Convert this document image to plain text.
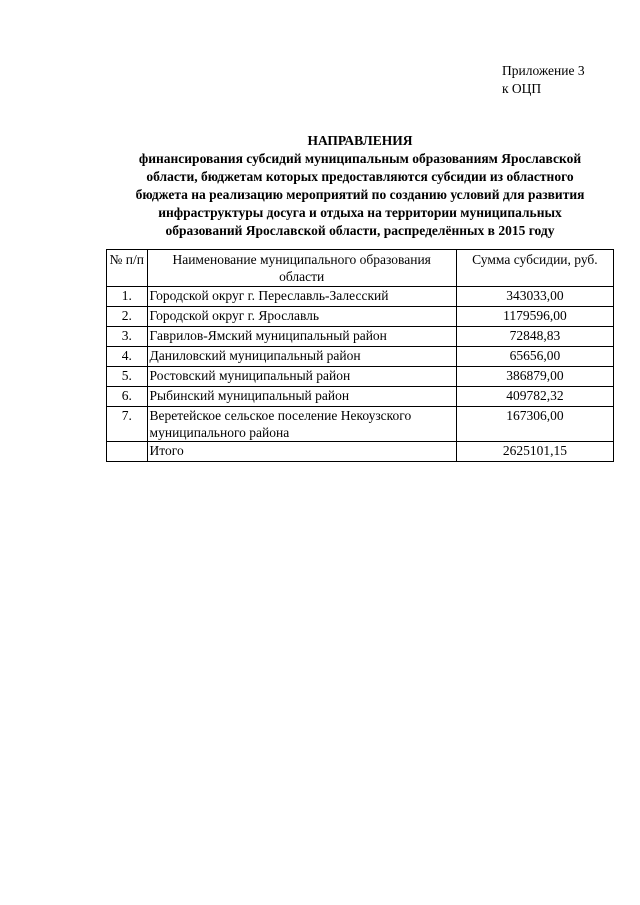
Приложение 3
к ОЦП
НАПРАВЛЕНИЯ
финансирования субсидий муниципальным образованиям Ярославской
области, бюджетам которых предоставляются субсидии из областного
бюджета на реализацию мероприятий по созданию условий для развития
инфраструктуры досуга и отдыха на территории муниципальных
образований Ярославской области, распределённых в 2015 году
№ п/п	Наименование муниципального образования области	Сумма субсидии, руб.
1.	Городской округ г. Переславль-Залесский	343033,00
2.	Городской округ г. Ярославль	1179596,00
3.	Гаврилов-Ямский муниципальный район	72848,83
4.	Даниловский муниципальный район	65656,00
5.	Ростовский муниципальный район	386879,00
6.	Рыбинский муниципальный район	409782,32
7.	Веретейское сельское поселение Некоузского муниципального района	167306,00
	Итого	2625101,15
